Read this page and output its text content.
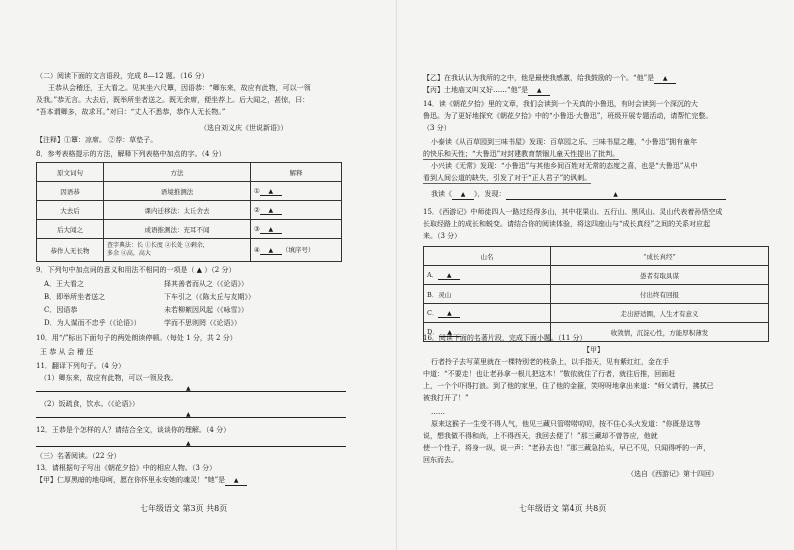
（二）阅读下面的文言语段，完成 8—12 题。（16 分）
王恭从会稽还，王大看之。见其坐六尺簟，因语恭：“卿东来，故应有此物，可以一领
及我。”恭无言。大去后，既举所坐者送之。既无余席，便坐荐上。后大闻之，甚惊，曰：
“吾本谓卿多，故求耳。”对曰：“丈人不悉恭，恭作人无长物。”
（选自刘义庆《世说新语》）
【注释】①簟：凉席。 ②荐：草垫子。
8．参考表格提示的方法，解释下列表格中加点的字。（4 分）
原文词句	方法	解释
因语恭	语境推测法	① ▲
大去后	课内迁移法：太丘舍去	② ▲
后大闻之	成语推测法：充耳不闻	③ ▲
恭作人无长物	查字典法：长 ①长度 ②长处 ③剩余，
多余 ④高，高大	④ ▲ （填序号）
9．下列句中加点词的意义和用法不相同的一项是（ ▲ ）（2 分）
A．王大看之	择其善者而从之（《论语》）
B．即举所坐者送之	下车引之（《陈太丘与友期》）
C．因语恭	未若柳絮因风起（《咏雪》）
D．为人谋而不忠乎（《论语》）	学而不思则罔（《论语》）
10．用“/”标出下面句子的两处朗读停顿。（每处 1 分，共 2 分）
王 恭 从 会 稽 还
11．翻译下列句子。（4 分）
（1）卿东来，故应有此物，可以一领及我。
▲
（2）饭疏食，饮水。（《论语》）
▲
12．王恭是个怎样的人？请结合全文，谈谈你的理解。（4 分）
▲
（三）名著阅读。（22 分）
13．请根据句子写出《朝花夕拾》中的相应人物。（3 分）
【甲】仁厚黑暗的地母呵，愿在你怀里永安她的魂灵！“她”是 ▲
七年级语文 第3页 共8页
【乙】在我认认为我所的之中，他是最使我感激，给我鼓励的一个。“他”是 ▲
【丙】土地庙又叫又好……“他”是 ▲
14．读《朝花夕拾》里的文章，我们会读到一个天真的小鲁迅，有时会读到一个深沉的大
鲁迅。为了更好地探究《朝花夕拾》中的“小鲁迅·大鲁迅”，班级开展专题活动，请帮忙完整。
（3 分）
小泰读《从百草园到三味书屋》发现：百草园之乐、三味书屋之趣，“小鲁迅”拥有童年
的快乐和天性；“大鲁迅”对封建教育禁锢儿童天性提出了批判。
小兴读《无常》发现：“小鲁迅”与其他乡间百姓对无常的态度之喜，也是“大鲁迅”从中
看到人间公道的缺失，引发了对于“正人君子”的讽刺。
我读《 ▲ 》，发现：	▲
15．《西游记》中师徒四人一路过经得多山，其中花果山、五行山、黑风山、灵山代表着孙悟空成
长取经路上的成长和蜕变。请结合你的阅读体验，将这四座山与“成长真经”之间的关系对应起
来。（3 分）
山名	“成长真经”
A． ▲	愚者有取具谋
B．灵山	付出终有回报
C． ▲	走出舒适圈，人生才有意义
D． ▲	收敛情，沉淀心性，方能厚积薄发
16．阅读下面的名著片段，完成下面小题。（11 分）
【甲】
行者拎子去写菜里就在一棵特别老的枝条上，以手指天，见有紫红红，金在手
中道：“不要走！也让老孙拿一根儿把这木！”敬依就住了行者，就往后推，回面赶
上，一个个吓得打浪。到了他的家里，住了他的金箍，笑呀呀地拿出来道：“师父请行，拂拭已
被我打开了！”
……
原来这猴子一生受不得人气，他见三藏只管唠唠叨叨，按不住心头火发道：“你既是这等
说，想我做不得和尚，上不得西天，我回去便了！”那三藏却不曾答应，他就
使一个性子，将身一纵，说一声：“老孙去也！”那三藏急抬头，早已不见，只闻得呼的一声，
回东而去。
（选自《西游记》第十四回）
七年级语文 第4页 共8页
